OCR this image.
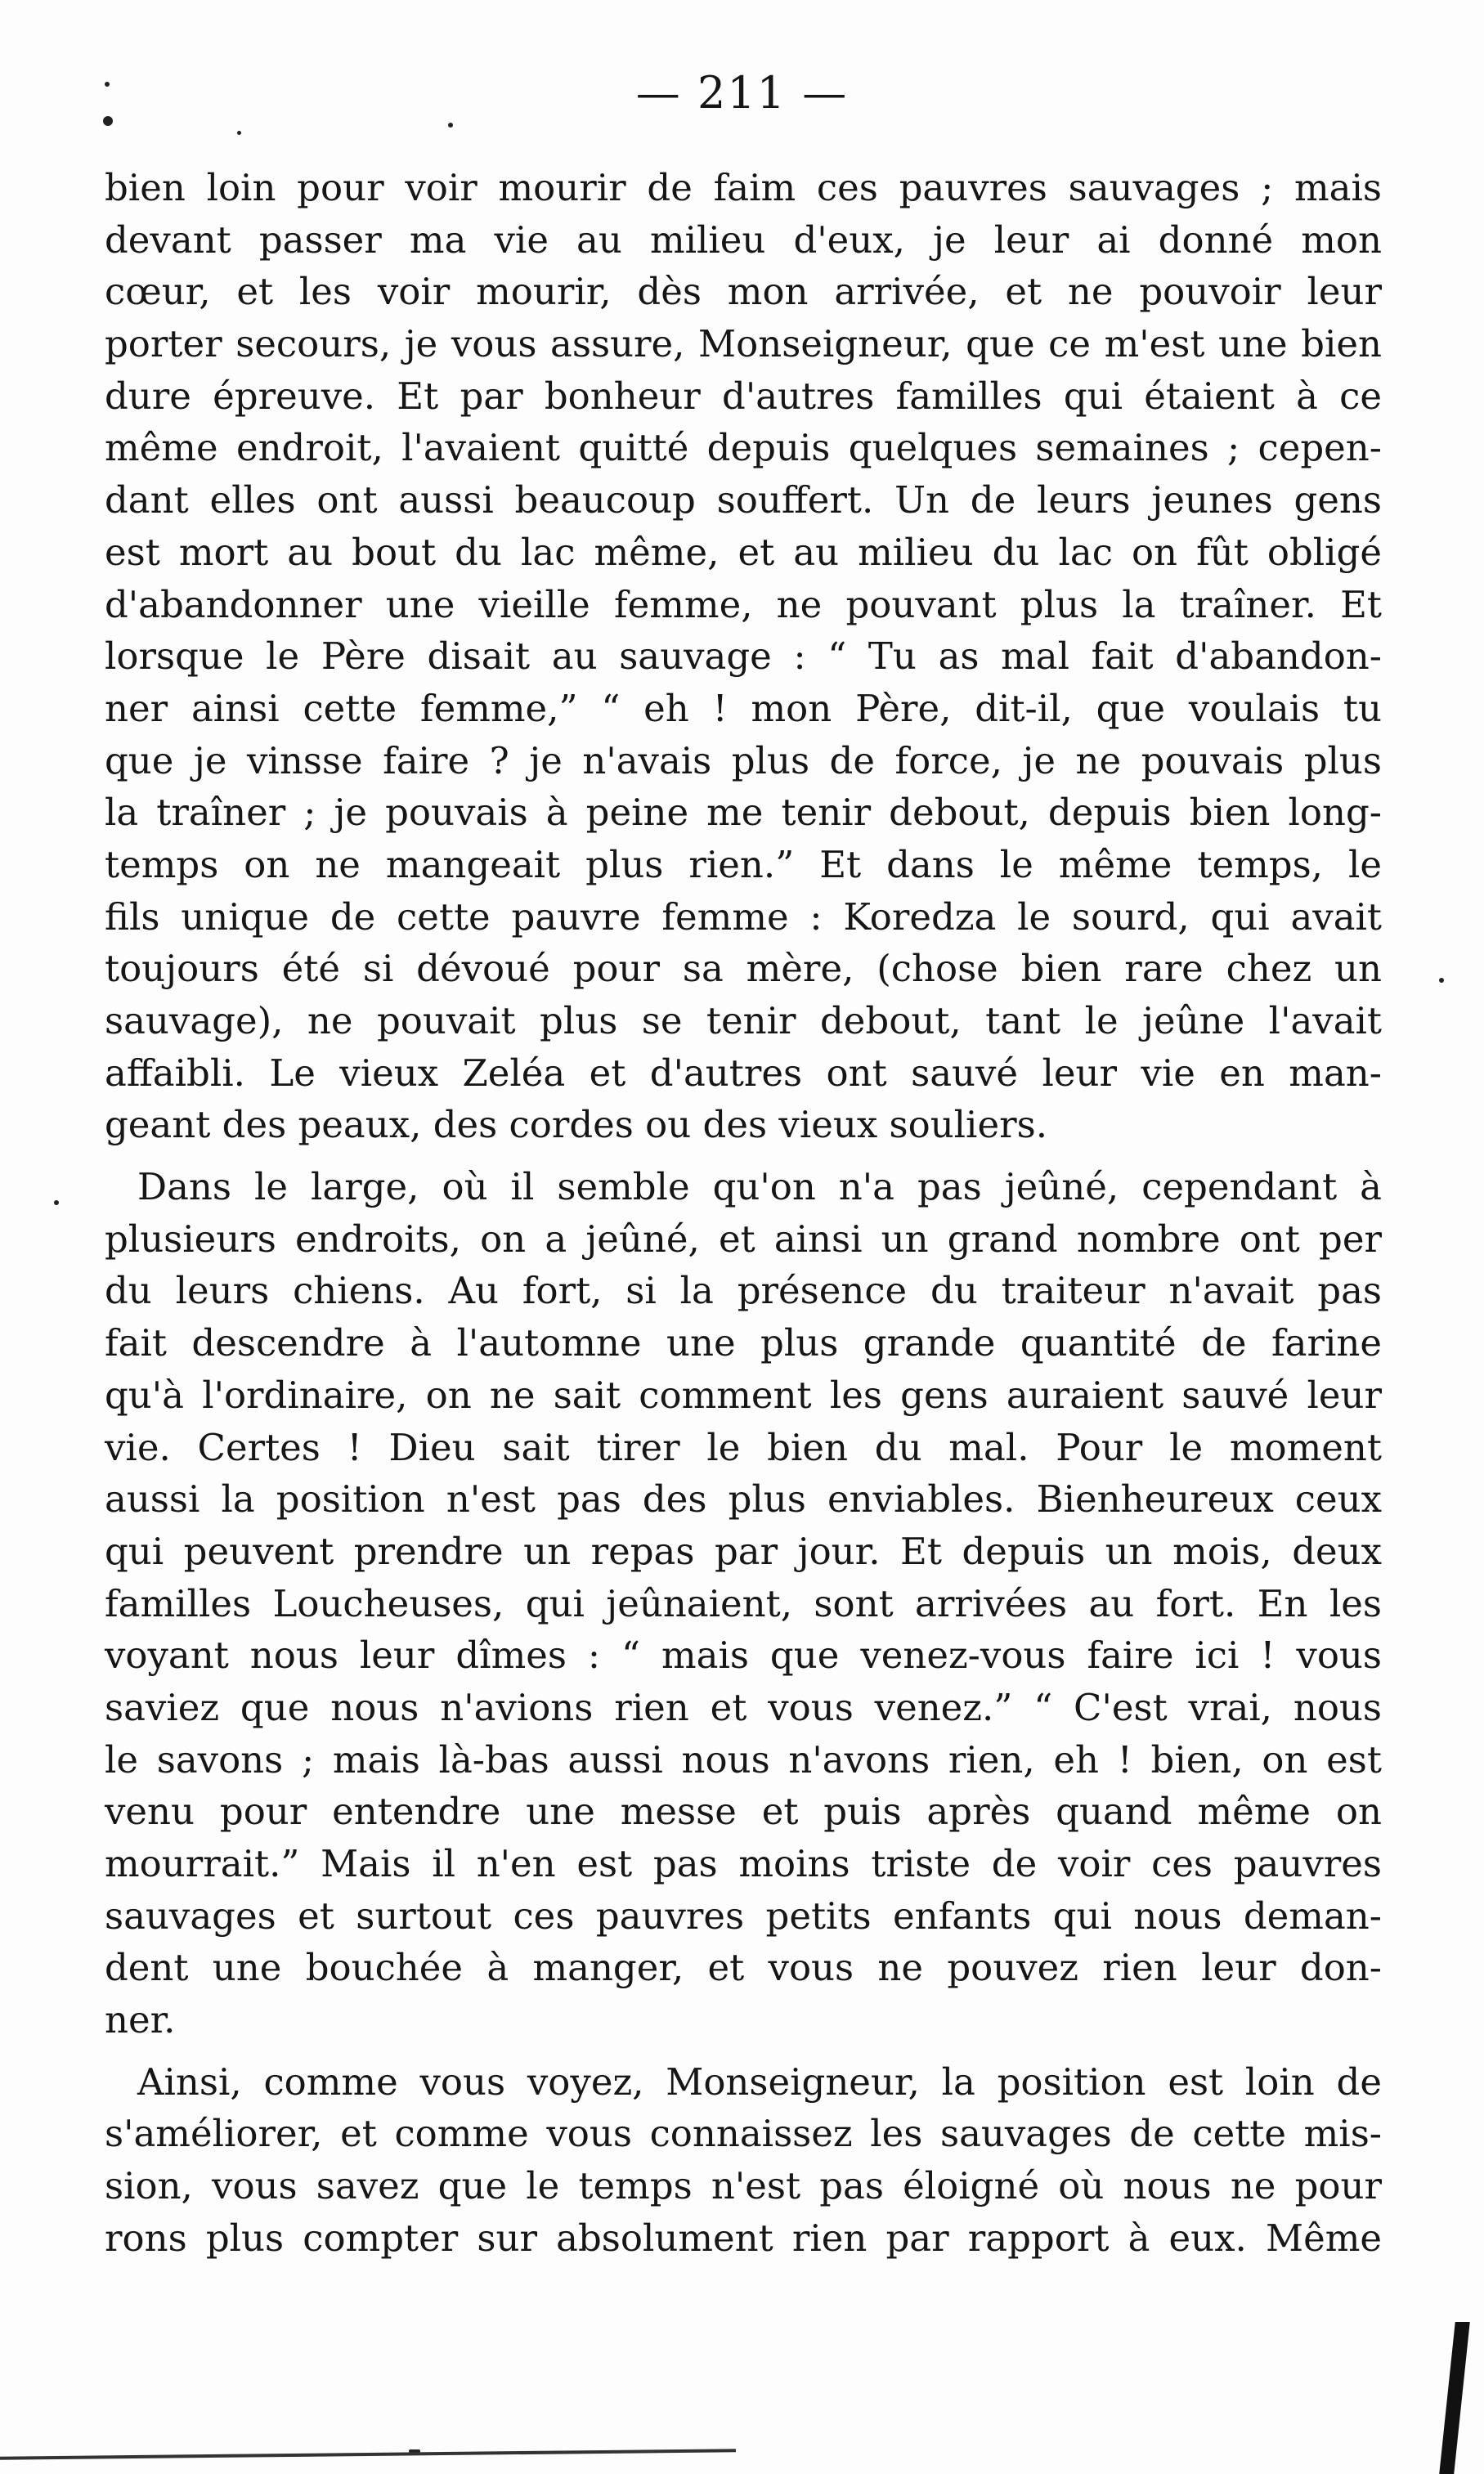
— 211 —
bien loin pour voir mourir de faim ces pauvres sauvages ; mais
devant passer ma vie au milieu d'eux, je leur ai donné mon
cœur, et les voir mourir, dès mon arrivée, et ne pouvoir leur
porter secours, je vous assure, Monseigneur, que ce m'est une bien
dure épreuve. Et par bonheur d'autres familles qui étaient à ce
même endroit, l'avaient quitté depuis quelques semaines ; cepen-
dant elles ont aussi beaucoup souffert. Un de leurs jeunes gens
est mort au bout du lac même, et au milieu du lac on fût obligé
d'abandonner une vieille femme, ne pouvant plus la traîner. Et
lorsque le Père disait au sauvage : “ Tu as mal fait d'abandon-
ner ainsi cette femme,” “ eh ! mon Père, dit-il, que voulais tu
que je vinsse faire ? je n'avais plus de force, je ne pouvais plus
la traîner ; je pouvais à peine me tenir debout, depuis bien long-
temps on ne mangeait plus rien.” Et dans le même temps, le
fils unique de cette pauvre femme : Koredza le sourd, qui avait
toujours été si dévoué pour sa mère, (chose bien rare chez un
sauvage), ne pouvait plus se tenir debout, tant le jeûne l'avait
affaibli. Le vieux Zeléa et d'autres ont sauvé leur vie en man-
geant des peaux, des cordes ou des vieux souliers.
Dans le large, où il semble qu'on n'a pas jeûné, cependant à
plusieurs endroits, on a jeûné, et ainsi un grand nombre ont per
du leurs chiens. Au fort, si la présence du traiteur n'avait pas
fait descendre à l'automne une plus grande quantité de farine
qu'à l'ordinaire, on ne sait comment les gens auraient sauvé leur
vie. Certes ! Dieu sait tirer le bien du mal. Pour le moment
aussi la position n'est pas des plus enviables. Bienheureux ceux
qui peuvent prendre un repas par jour. Et depuis un mois, deux
familles Loucheuses, qui jeûnaient, sont arrivées au fort. En les
voyant nous leur dîmes : “ mais que venez-vous faire ici ! vous
saviez que nous n'avions rien et vous venez.” “ C'est vrai, nous
le savons ; mais là-bas aussi nous n'avons rien, eh ! bien, on est
venu pour entendre une messe et puis après quand même on
mourrait.” Mais il n'en est pas moins triste de voir ces pauvres
sauvages et surtout ces pauvres petits enfants qui nous deman-
dent une bouchée à manger, et vous ne pouvez rien leur don-
ner.
Ainsi, comme vous voyez, Monseigneur, la position est loin de
s'améliorer, et comme vous connaissez les sauvages de cette mis-
sion, vous savez que le temps n'est pas éloigné où nous ne pour
rons plus compter sur absolument rien par rapport à eux. Même
